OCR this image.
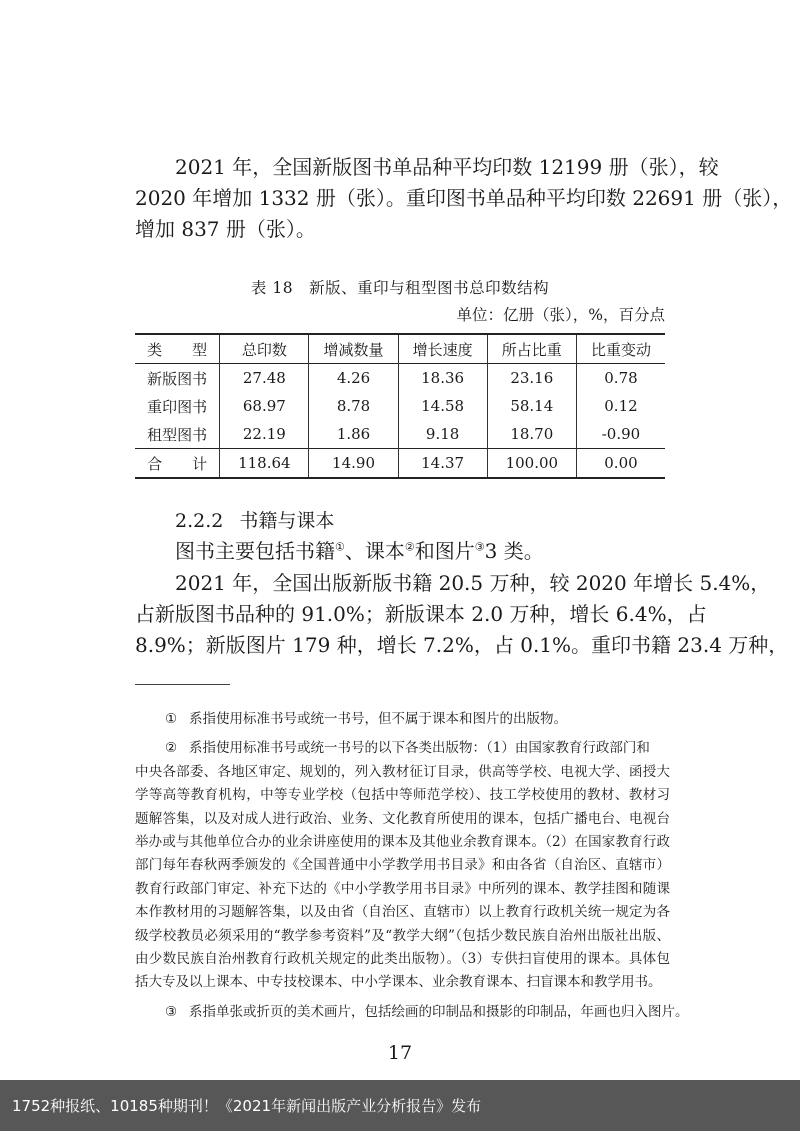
2021 年，全国新版图书单品种平均印数 12199 册（张），较
2020 年增加 1332 册（张）。重印图书单品种平均印数 22691 册（张），
增加 837 册（张）。

表 18　新版、重印与租型图书总印数结构

单位：亿册（张），%，百分点

类　　型	总印数	增减数量	增长速度	所占比重	比重变动
新版图书	27.48	4.26	18.36	23.16	0.78
重印图书	68.97	8.78	14.58	58.14	0.12
租型图书	22.19	1.86	9.18	18.70	-0.90
合　　计	118.64	14.90	14.37	100.00	0.00

2.2.2 书籍与课本

图书主要包括书籍①、课本②和图片③3 类。
2021 年，全国出版新版书籍 20.5 万种，较 2020 年增长 5.4%，
占新版图书品种的 91.0%；新版课本 2.0 万种，增长 6.4%，占
8.9%；新版图片 179 种，增长 7.2%，占 0.1%。重印书籍 23.4 万种，

① 系指使用标准书号或统一书号，但不属于课本和图片的出版物。

② 系指使用标准书号或统一书号的以下各类出版物：（1）由国家教育行政部门和
中央各部委、各地区审定、规划的，列入教材征订目录，供高等学校、电视大学、函授大
学等高等教育机构，中等专业学校（包括中等师范学校）、技工学校使用的教材、教材习
题解答集，以及对成人进行政治、业务、文化教育所使用的课本，包括广播电台、电视台
举办或与其他单位合办的业余讲座使用的课本及其他业余教育课本。（2）在国家教育行政
部门每年春秋两季颁发的《全国普通中小学教学用书目录》和由各省（自治区、直辖市）
教育行政部门审定、补充下达的《中小学教学用书目录》中所列的课本、教学挂图和随课
本作教材用的习题解答集，以及由省（自治区、直辖市）以上教育行政机关统一规定为各
级学校教员必须采用的“教学参考资料”及“教学大纲”（包括少数民族自治州出版社出版、
由少数民族自治州教育行政机关规定的此类出版物）。（3）专供扫盲使用的课本。具体包
括大专及以上课本、中专技校课本、中小学课本、业余教育课本、扫盲课本和教学用书。

③ 系指单张或折页的美术画片，包括绘画的印制品和摄影的印制品，年画也归入图片。

17

1752种报纸、10185种期刊！《2021年新闻出版产业分析报告》发布
